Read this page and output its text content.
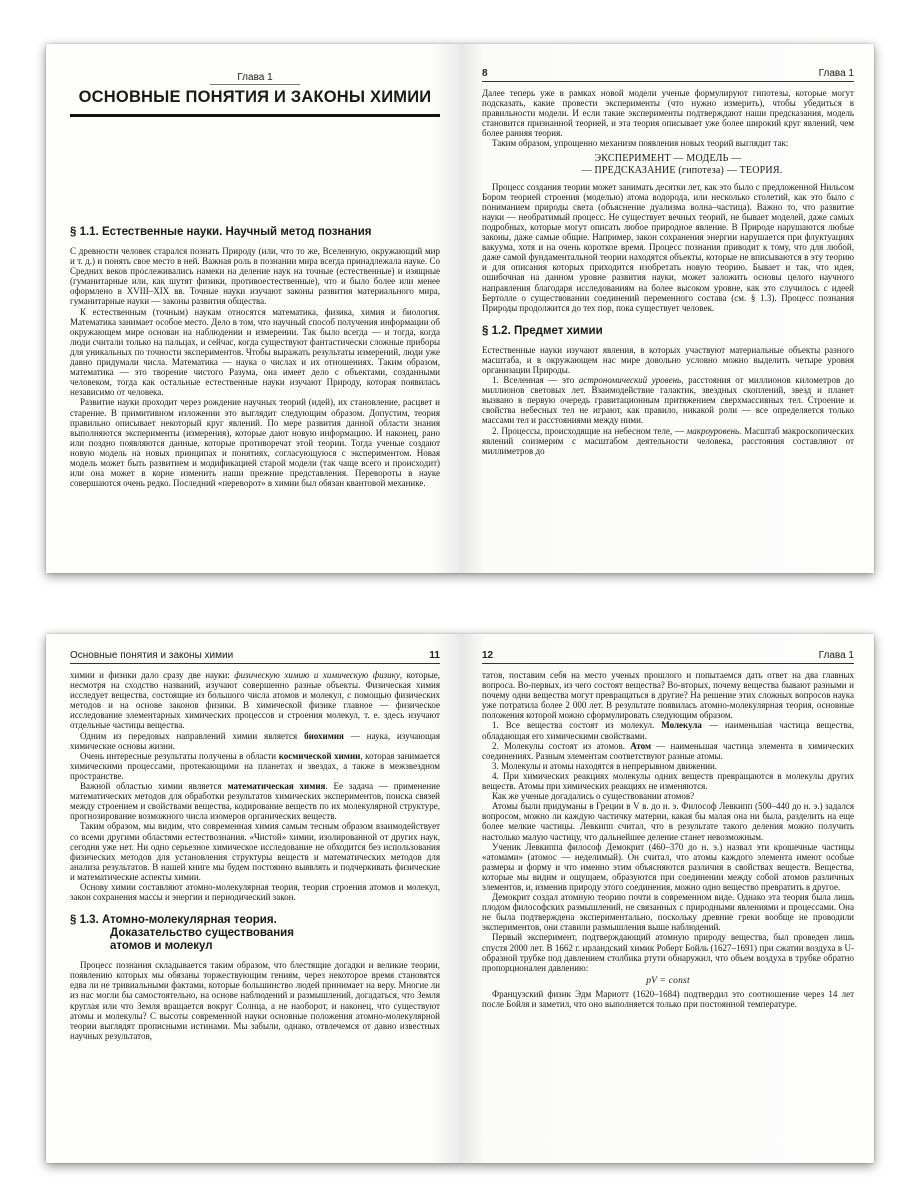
Глава 1
ОСНОВНЫЕ ПОНЯТИЯ И ЗАКОНЫ ХИМИИ
§ 1.1. Естественные науки. Научный метод познания

С древности человек старался познать Природу (или, что то же, Вселенную, окружающий мир и т. д.) и понять свое место в ней. Важная роль в познании мира всегда принадлежала науке. Со Средних веков прослеживались намеки на деление наук на точные (естественные) и изящные (гуманитарные или, как шутят физики, противоестественные), что и было более или менее оформлено в XVIII–XIX вв. Точные науки изучают законы развития материального мира, гуманитарные науки — законы развития общества.

К естественным (точным) наукам относятся математика, физика, химия и биология. Математика занимает особое место. Дело в том, что научный способ получения информации об окружающем мире основан на наблюдении и измерении. Так было всегда — и тогда, когда люди считали только на пальцах, и сейчас, когда существуют фантастически сложные приборы для уникальных по точности экспериментов. Чтобы выражать результаты измерений, люди уже давно придумали числа. Математика — наука о числах и их отношениях. Таким образом, математика — это творение чистого Разума, она имеет дело с объектами, созданными человеком, тогда как остальные естественные науки изучают Природу, которая появилась независимо от человека.

Развитие науки проходит через рождение научных теорий (идей), их становление, расцвет и старение. В примитивном изложении это выглядит следующим образом. Допустим, теория правильно описывает некоторый круг явлений. По мере развития данной области знания выполняются эксперименты (измерения), которые дают новую информацию. И наконец, рано или поздно появляются данные, которые противоречат этой теории. Тогда ученые создают новую модель на новых принципах и понятиях, согласующуюся с экспериментом. Новая модель может быть развитием и модификацией старой модели (так чаще всего и происходит) или она может в корне изменить наши прежние представления. Перевороты в науке совершаются очень редко. Последний «переворот» в химии был обязан квантовой механике.

8	Глава 1

Далее теперь уже в рамках новой модели ученые формулируют гипотезы, которые могут подсказать, какие провести эксперименты (что нужно измерить), чтобы убедиться в правильности модели. И если такие эксперименты подтверждают наши предсказания, модель становится признанной теорией, и эта теория описывает уже более широкий круг явлений, чем более ранняя теория.

Таким образом, упрощенно механизм появления новых теорий выглядит так:

ЭКСПЕРИМЕНТ — МОДЕЛЬ —
— ПРЕДСКАЗАНИЕ (гипотеза) — ТЕОРИЯ.

Процесс создания теории может занимать десятки лет, как это было с предложенной Нильсом Бором теорией строения (моделью) атома водорода, или несколько столетий, как это было с пониманием природы света (объяснение дуализма волна–частица). Важно то, что развитие науки — необратимый процесс. Не существует вечных теорий, не бывает моделей, даже самых подробных, которые могут описать любое природное явление. В Природе нарушаются любые законы, даже самые общие. Например, закон сохранения энергии нарушается при флуктуациях вакуума, хотя и на очень короткое время. Процесс познания приводит к тому, что для любой, даже самой фундаментальной теории находятся объекты, которые не вписываются в эту теорию и для описания которых приходится изобретать новую теорию. Бывает и так, что идея, ошибочная на данном уровне развития науки, может заложить основы целого научного направления благодаря исследованиям на более высоком уровне, как это случилось с идеей Бертолле о существовании соединений переменного состава (см. § 1.3). Процесс познания Природы продолжится до тех пор, пока существует человек.

§ 1.2. Предмет химии

Естественные науки изучают явления, в которых участвуют материальные объекты разного масштаба, и в окружающем нас мире довольно условно можно выделить четыре уровня организации Природы.

1. Вселенная — это астрономический уровень, расстояния от миллионов километров до миллионов световых лет. Взаимодействие галактик, звездных скоплений, звезд и планет вызвано в первую очередь гравитационным притяжением сверхмассивных тел. Строение и свойства небесных тел не играют, как правило, никакой роли — все определяется только массами тел и расстояниями между ними.

2. Процессы, происходящие на небесном теле, — макроуровень. Масштаб макроскопических явлений соизмерим с масштабом деятельности человека, расстояния составляют от миллиметров до

Основные понятия и законы химии	11

химии и физики дало сразу две науки: физическую химию и химическую физику, которые, несмотря на сходство названий, изучают совершенно разные объекты. Физическая химия исследует вещества, состоящие из большого числа атомов и молекул, с помощью физических методов и на основе законов физики. В химической физике главное — физическое исследование элементарных химических процессов и строения молекул, т. е. здесь изучают отдельные частицы вещества.

Одним из передовых направлений химии является биохимия — наука, изучающая химические основы жизни.

Очень интересные результаты получены в области космической химии, которая занимается химическими процессами, протекающими на планетах и звездах, а также в межзвездном пространстве.

Важной областью химии является математическая химия. Ее задача — применение математических методов для обработки результатов химических экспериментов, поиска связей между строением и свойствами вещества, кодирование веществ по их молекулярной структуре, прогнозирование возможного числа изомеров органических веществ.

Таким образом, мы видим, что современная химия самым тесным образом взаимодействует со всеми другими областями естествознания. «Чистой» химии, изолированной от других наук, сегодня уже нет. Ни одно серьезное химическое исследование не обходится без использования физических методов для установления структуры веществ и математических методов для анализа результатов. В нашей книге мы будем постоянно выявлять и подчеркивать физические и математические аспекты химии.

Основу химии составляют атомно-молекулярная теория, теория строения атомов и молекул, закон сохранения массы и энергии и периодический закон.

§ 1.3. Атомно-молекулярная теория.
Доказательство существования
атомов и молекул

Процесс познания складывается таким образом, что блестящие догадки и великие теории, появлению которых мы обязаны торжествующим гениям, через некоторое время становятся едва ли не тривиальными фактами, которые большинство людей принимает на веру. Многие ли из нас могли бы самостоятельно, на основе наблюдений и размышлений, догадаться, что Земля круглая или что Земля вращается вокруг Солнца, а не наоборот, и наконец, что существуют атомы и молекулы? С высоты современной науки основные положения атомно-молекулярной теории выглядят прописными истинами. Мы забыли, однако, отвлечемся от давно известных научных результатов,

12	Глава 1

татов, поставим себя на место ученых прошлого и попытаемся дать ответ на два главных вопроса. Во-первых, из чего состоят вещества? Во-вторых, почему вещества бывают разными и почему одни вещества могут превращаться в другие? На решение этих сложных вопросов наука уже потратила более 2 000 лет. В результате появилась атомно-молекулярная теория, основные положения которой можно сформулировать следующим образом.

1. Все вещества состоят из молекул. Молекула — наименьшая частица вещества, обладающая его химическими свойствами.

2. Молекулы состоят из атомов. Атом — наименьшая частица элемента в химических соединениях. Разным элементам соответствуют разные атомы.

3. Молекулы и атомы находятся в непрерывном движении.

4. При химических реакциях молекулы одних веществ превращаются в молекулы других веществ. Атомы при химических реакциях не изменяются.

Как же ученые догадались о существовании атомов?

Атомы были придуманы в Греции в V в. до н. э. Философ Левкипп (500–440 до н. э.) задался вопросом, можно ли каждую частичку материи, какая бы малая она ни была, разделить на еще более мелкие частицы. Левкипп считал, что в результате такого деления можно получить настолько малую частицу, что дальнейшее деление станет невозможным.

Ученик Левкиппа философ Демокрит (460–370 до н. э.) назвал эти крошечные частицы «атомами» (атомос — неделимый). Он считал, что атомы каждого элемента имеют особые размеры и форму и что именно этим объясняются различия в свойствах веществ. Вещества, которые мы видим и ощущаем, образуются при соединении между собой атомов различных элементов, и, изменив природу этого соединения, можно одно вещество превратить в другое.

Демокрит создал атомную теорию почти в современном виде. Однако эта теория была лишь плодом философских размышлений, не связанных с природными явлениями и процессами. Она не была подтверждена экспериментально, поскольку древние греки вообще не проводили экспериментов, они ставили размышления выше наблюдений.

Первый эксперимент, подтверждающий атомную природу вещества, был проведен лишь спустя 2000 лет. В 1662 г. ирландский химик Роберт Бойль (1627–1691) при сжатии воздуха в U-образной трубке под давлением столбика ртути обнаружил, что объем воздуха в трубке обратно пропорционален давлению:

pV = const

Французский физик Эдм Мариотт (1620–1684) подтвердил это соотношение через 14 лет после Бойля и заметил, что оно выполняется только при постоянной температуре.
